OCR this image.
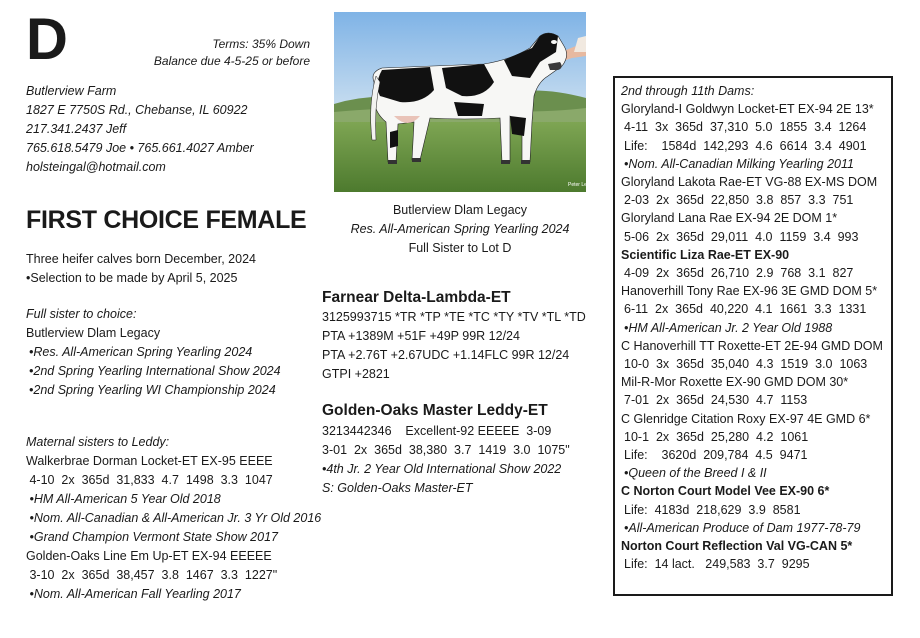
D	Terms: 35% Down
Balance due 4-5-25 or before
Butlerview Farm
1827 E 7750S Rd., Chebanse, IL 60922
217.341.2437 Jeff
765.618.5479 Joe • 765.661.4027 Amber
holsteingal@hotmail.com
FIRST CHOICE FEMALE
Three heifer calves born December, 2024
•Selection to be made by April 5, 2025
Full sister to choice:
Butlerview Dlam Legacy
•Res. All-American Spring Yearling 2024
•2nd Spring Yearling International Show 2024
•2nd Spring Yearling WI Championship 2024
Maternal sisters to Leddy:
Walkerbrae Dorman Locket-ET EX-95 EEEE
4-10  2x  365d  31,833  4.7  1498  3.3  1047
•HM All-American 5 Year Old 2018
•Nom. All-Canadian & All-American Jr. 3 Yr Old 2016
•Grand Champion Vermont State Show 2017
Golden-Oaks Line Em Up-ET EX-94 EEEEE
3-10  2x  365d  38,457  3.8  1467  3.3  1227"
•Nom. All-American Fall Yearling 2017
Peter Lee
Butlerview Dlam Legacy
Res. All-American Spring Yearling 2024
Full Sister to Lot D
Farnear Delta-Lambda-ET
3125993715 *TR *TP *TE *TC *TY *TV *TL *TD
PTA +1389M +51F +49P 99R 12/24
PTA +2.76T +2.67UDC +1.14FLC 99R 12/24
GTPI +2821
Golden-Oaks Master Leddy-ET
3213442346    Excellent-92 EEEEE  3-09
3-01  2x  365d  38,380  3.7  1419  3.0  1075"
•4th Jr. 2 Year Old International Show 2022
S: Golden-Oaks Master-ET
2nd through 11th Dams:
Gloryland-I Goldwyn Locket-ET EX-94 2E 13*
4-11  3x  365d  37,310  5.0  1855  3.4  1264
Life:    1584d  142,293  4.6  6614  3.4  4901
•Nom. All-Canadian Milking Yearling 2011
Gloryland Lakota Rae-ET VG-88 EX-MS DOM
2-03  2x  365d  22,850  3.8  857  3.3  751
Gloryland Lana Rae EX-94 2E DOM 1*
5-06  2x  365d  29,011  4.0  1159  3.4  993
Scientific Liza Rae-ET EX-90
4-09  2x  365d  26,710  2.9  768  3.1  827
Hanoverhill Tony Rae EX-96 3E GMD DOM 5*
6-11  2x  365d  40,220  4.1  1661  3.3  1331
•HM All-American Jr. 2 Year Old 1988
C Hanoverhill TT Roxette-ET 2E-94 GMD DOM
10-0  3x  365d  35,040  4.3  1519  3.0  1063
Mil-R-Mor Roxette EX-90 GMD DOM 30*
7-01  2x  365d  24,530  4.7  1153
C Glenridge Citation Roxy EX-97 4E GMD 6*
10-1  2x  365d  25,280  4.2  1061
Life:    3620d  209,784  4.5  9471
•Queen of the Breed I & II
C Norton Court Model Vee EX-90 6*
Life:  4183d  218,629  3.9  8581
•All-American Produce of Dam 1977-78-79
Norton Court Reflection Val VG-CAN 5*
Life:  14 lact.   249,583  3.7  9295
